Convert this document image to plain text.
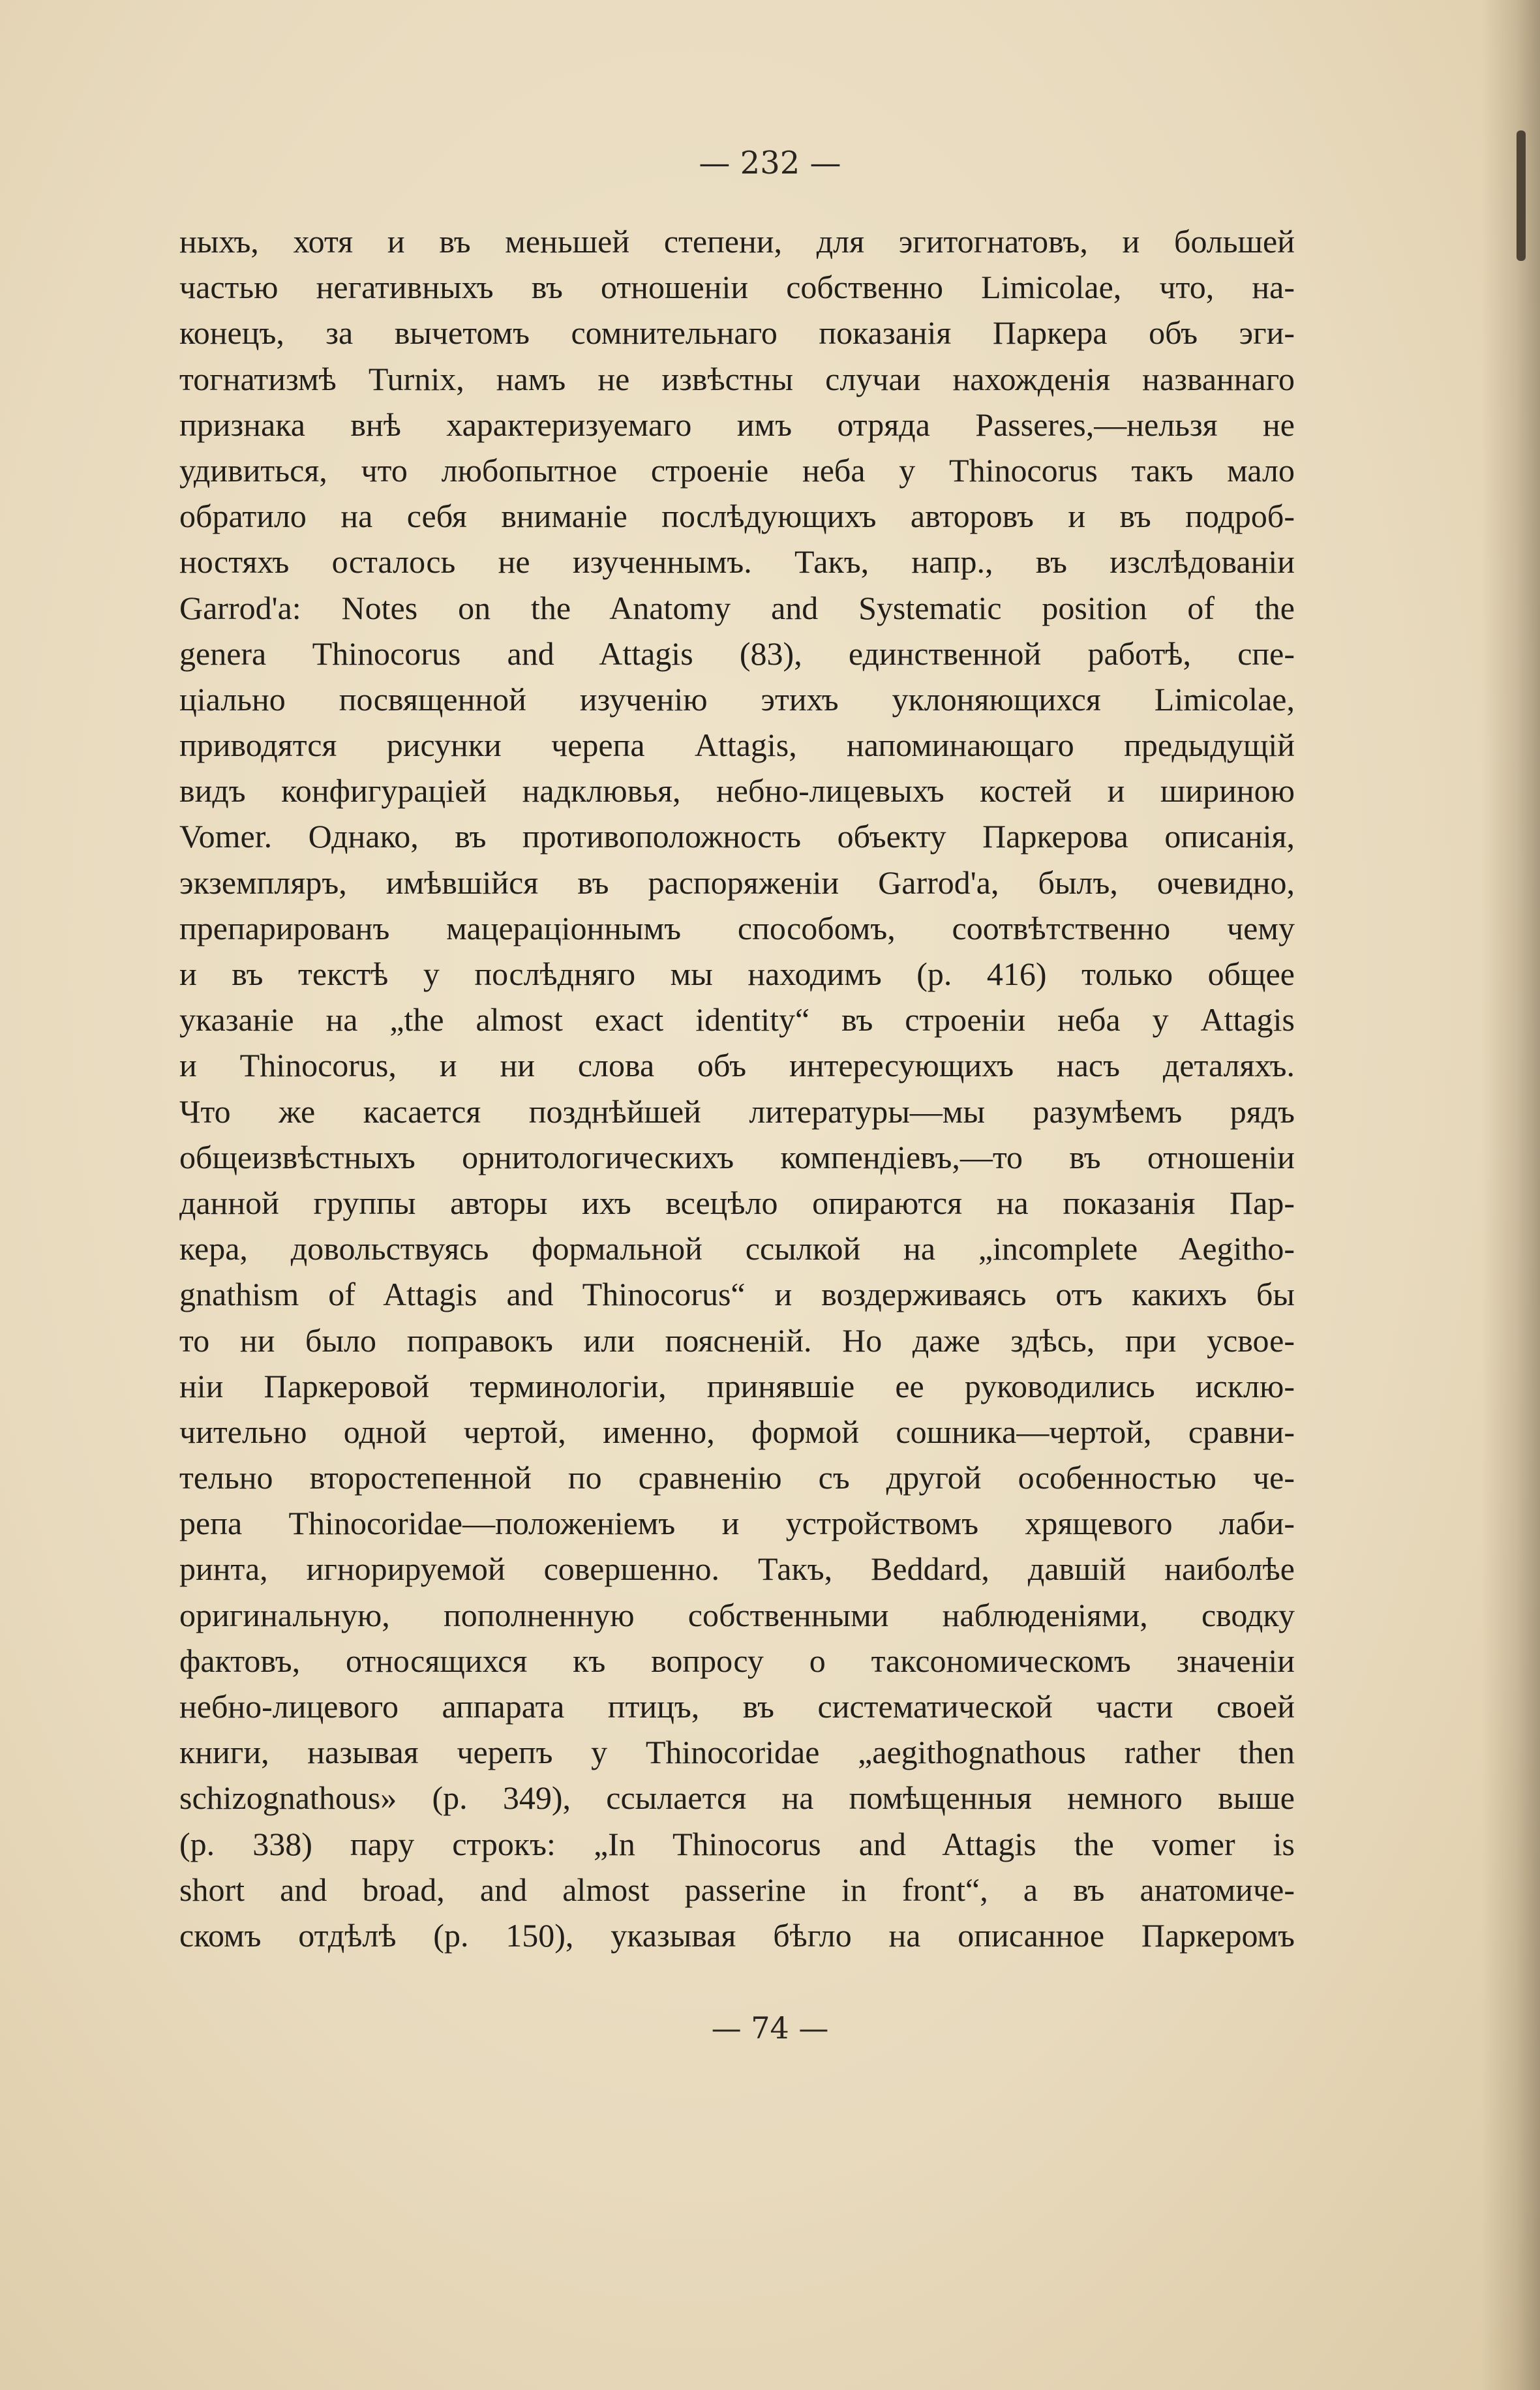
— 232 —
ныхъ, хотя и въ меньшей степени, для эгитогнатовъ, и большей
частью негативныхъ въ отношеніи собственно Limicolae, что, на-
конецъ, за вычетомъ сомнительнаго показанія Паркера объ эги-
тогнатизмѣ Turnix, намъ не извѣстны случаи нахожденія названнаго
признака внѣ характеризуемаго имъ отряда Passeres,—нельзя не
удивиться, что любопытное строеніе неба у Thinocorus такъ мало
обратило на себя вниманіе послѣдующихъ авторовъ и въ подроб-
ностяхъ осталось не изученнымъ. Такъ, напр., въ изслѣдованіи
Garrod'а: Notes on the Anatomy and Systematic position of the
genera Thinocorus and Attagis (83), единственной работѣ, спе-
ціально посвященной изученію этихъ уклоняющихся Limicolae,
приводятся рисунки черепа Attagis, напоминающаго предыдущій
видъ конфигураціей надклювья, небно-лицевыхъ костей и шириною
Vomer. Однако, въ противоположность объекту Паркерова описанія,
экземпляръ, имѣвшійся въ распоряженіи Garrod'а, былъ, очевидно,
препарированъ мацераціоннымъ способомъ, соотвѣтственно чему
и въ текстѣ у послѣдняго мы находимъ (p. 416) только общее
указаніе на „the almost exact identity“ въ строеніи неба у Attagis
и Thinocorus, и ни слова объ интересующихъ насъ деталяхъ.
Что же касается позднѣйшей литературы—мы разумѣемъ рядъ
общеизвѣстныхъ орнитологическихъ компендіевъ,—то въ отношеніи
данной группы авторы ихъ всецѣло опираются на показанія Пар-
кера, довольствуясь формальной ссылкой на „incomplete Aegitho-
gnathism of Attagis and Thinocorus“ и воздерживаясь отъ какихъ бы
то ни было поправокъ или поясненій. Но даже здѣсь, при усвое-
ніи Паркеровой терминологіи, принявшіе ее руководились исклю-
чительно одной чертой, именно, формой сошника—чертой, сравни-
тельно второстепенной по сравненію съ другой особенностью че-
репа Thinocoridae—положеніемъ и устройствомъ хрящевого лаби-
ринта, игнорируемой совершенно. Такъ, Beddard, давшій наиболѣе
оригинальную, пополненную собственными наблюденіями, сводку
фактовъ, относящихся къ вопросу о таксономическомъ значеніи
небно-лицевого аппарата птицъ, въ систематической части своей
книги, называя черепъ у Thinocoridae „aegithognathous rather then
schizognathous» (p. 349), ссылается на помѣщенныя немного выше
(p. 338) пару строкъ: „In Thinocorus and Attagis the vomer is
short and broad, and almost passerine in front“, а въ анатомиче-
скомъ отдѣлѣ (p. 150), указывая бѣгло на описанное Паркеромъ
— 74 —
